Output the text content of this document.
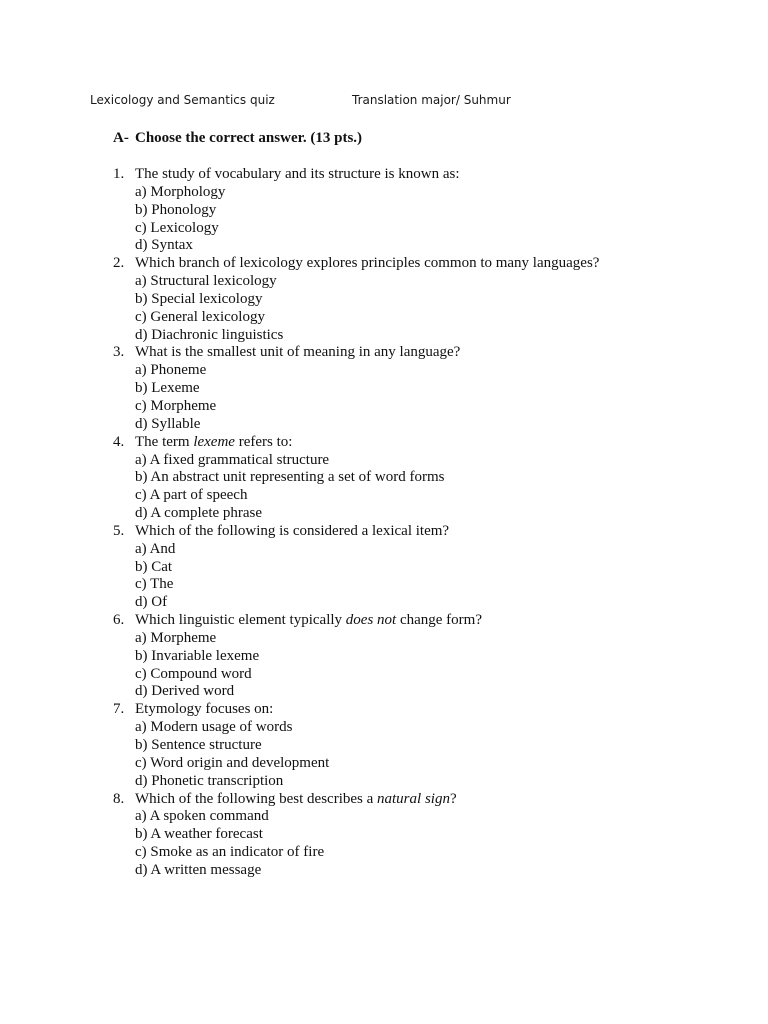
Lexicology and Semantics quiz	Translation major/ Suhmur
A- Choose the correct answer. (13 pts.)
1. The study of vocabulary and its structure is known as:
a) Morphology
b) Phonology
c) Lexicology
d) Syntax
2. Which branch of lexicology explores principles common to many languages?
a) Structural lexicology
b) Special lexicology
c) General lexicology
d) Diachronic linguistics
3. What is the smallest unit of meaning in any language?
a) Phoneme
b) Lexeme
c) Morpheme
d) Syllable
4. The term lexeme refers to:
a) A fixed grammatical structure
b) An abstract unit representing a set of word forms
c) A part of speech
d) A complete phrase
5. Which of the following is considered a lexical item?
a) And
b) Cat
c) The
d) Of
6. Which linguistic element typically does not change form?
a) Morpheme
b) Invariable lexeme
c) Compound word
d) Derived word
7. Etymology focuses on:
a) Modern usage of words
b) Sentence structure
c) Word origin and development
d) Phonetic transcription
8. Which of the following best describes a natural sign?
a) A spoken command
b) A weather forecast
c) Smoke as an indicator of fire
d) A written message
